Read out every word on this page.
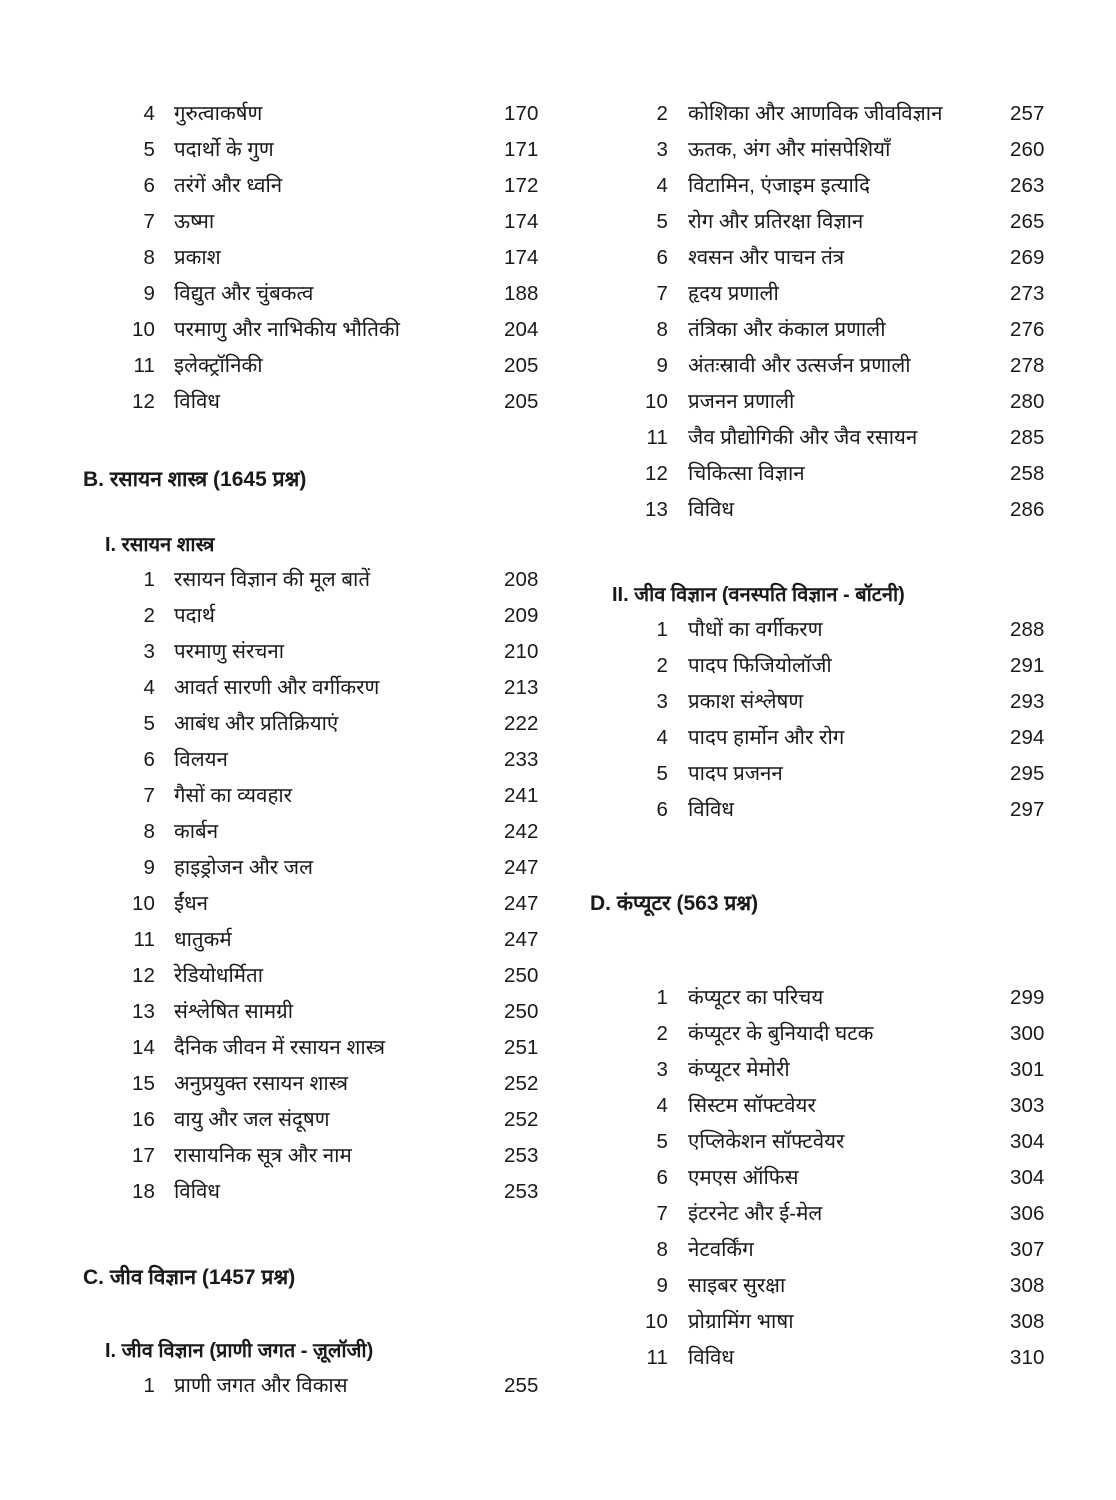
4 गुरुत्वाकर्षण	170
5 पदार्थो के गुण	171
6 तरंगें और ध्वनि	172
7 ऊष्मा	174
8 प्रकाश	174
9 विद्युत और चुंबकत्व	188
10 परमाणु और नाभिकीय भौतिकी	204
11 इलेक्ट्रॉनिकी	205
12 विविध	205
B. रसायन शास्त्र (1645 प्रश्न)
I. रसायन शास्त्र
1 रसायन विज्ञान की मूल बातें	208
2 पदार्थ	209
3 परमाणु संरचना	210
4 आवर्त सारणी और वर्गीकरण	213
5 आबंध और प्रतिक्रियाएं	222
6 विलयन	233
7 गैसों का व्यवहार	241
8 कार्बन	242
9 हाइड्रोजन और जल	247
10 ईंधन	247
11 धातुकर्म	247
12 रेडियोधर्मिता	250
13 संश्लेषित सामग्री	250
14 दैनिक जीवन में रसायन शास्त्र	251
15 अनुप्रयुक्त रसायन शास्त्र	252
16 वायु और जल संदूषण	252
17 रासायनिक सूत्र और नाम	253
18 विविध	253
C. जीव विज्ञान (1457 प्रश्न)
I. जीव विज्ञान (प्राणी जगत - ज़ूलॉजी)
1 प्राणी जगत और विकास	255
2 कोशिका और आणविक जीवविज्ञान	257
3 ऊतक, अंग और मांसपेशियाँ	260
4 विटामिन, एंजाइम इत्यादि	263
5 रोग और प्रतिरक्षा विज्ञान	265
6 श्वसन और पाचन तंत्र	269
7 हृदय प्रणाली	273
8 तंत्रिका और कंकाल प्रणाली	276
9 अंतःस्रावी और उत्सर्जन प्रणाली	278
10 प्रजनन प्रणाली	280
11 जैव प्रौद्योगिकी और जैव रसायन	285
12 चिकित्सा विज्ञान	258
13 विविध	286
II. जीव विज्ञान (वनस्पति विज्ञान - बॉटनी)
1 पौधों का वर्गीकरण	288
2 पादप फिजियोलॉजी	291
3 प्रकाश संश्लेषण	293
4 पादप हार्मोन और रोग	294
5 पादप प्रजनन	295
6 विविध	297
D. कंप्यूटर (563 प्रश्न)
1 कंप्यूटर का परिचय	299
2 कंप्यूटर के बुनियादी घटक	300
3 कंप्यूटर मेमोरी	301
4 सिस्टम सॉफ्टवेयर	303
5 एप्लिकेशन सॉफ्टवेयर	304
6 एमएस ऑफिस	304
7 इंटरनेट और ई-मेल	306
8 नेटवर्किंग	307
9 साइबर सुरक्षा	308
10 प्रोग्रामिंग भाषा	308
11 विविध	310
